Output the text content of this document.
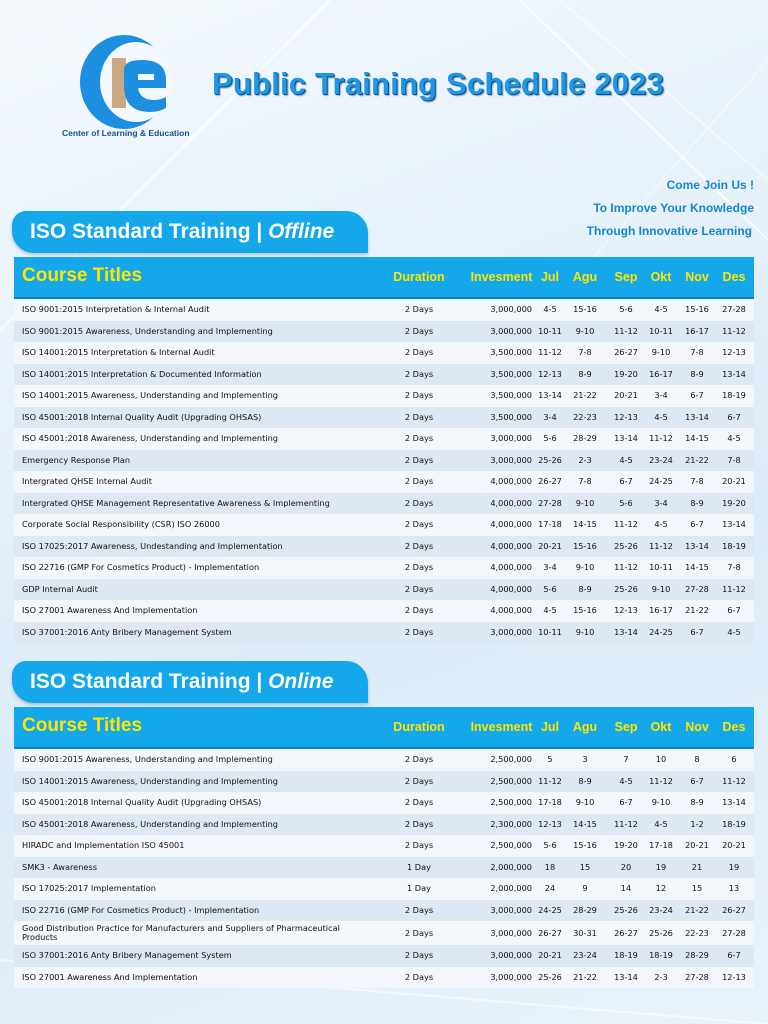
Center of Learning & Education
Public Training Schedule 2023
Come Join Us !
To Improve Your Knowledge
Through Innovative Learning
ISO Standard Training | Offline
Course Titles	Duration	Invesment Jul	Agu	Sep	Okt	Nov	Des
ISO 9001:2015 Interpretation & Internal Audit	2 Days	3,000,000	4-5	15-16	5-6	4-5	15-16	27-28
ISO 9001:2015 Awareness, Understanding and Implementing	2 Days	3,000,000 10-11	9-10	11-12	10-11	16-17	11-12
ISO 14001:2015 Interpretation & Internal Audit	2 Days	3,500,000 11-12	7-8	26-27	9-10	7-8	12-13
ISO 14001:2015 Interpretation & Documented Information	2 Days	3,500,000 12-13	8-9	19-20	16-17	8-9	13-14
ISO 14001:2015 Awareness, Understanding and Implementing	2 Days	3,500,000 13-14	21-22	20-21	3-4	6-7	18-19
ISO 45001:2018 Internal Quality Audit (Upgrading OHSAS)	2 Days	3,500,000	3-4	22-23	12-13	4-5	13-14	6-7
ISO 45001:2018 Awareness, Understanding and Implementing	2 Days	3,000,000	5-6	28-29	13-14	11-12	14-15	4-5
Emergency Response Plan	2 Days	3,000,000 25-26	2-3	4-5	23-24	21-22	7-8
Intergrated QHSE Internal Audit	2 Days	4,000,000 26-27	7-8	6-7	24-25	7-8	20-21
Intergrated QHSE Management Representative Awareness & Implementing	2 Days	4,000,000 27-28	9-10	5-6	3-4	8-9	19-20
Corporate Social Responsibility (CSR) ISO 26000	2 Days	4,000,000 17-18	14-15	11-12	4-5	6-7	13-14
ISO 17025:2017 Awareness, Undestanding and Implementation	2 Days	4,000,000 20-21	15-16	25-26	11-12	13-14	18-19
ISO 22716 (GMP For Cosmetics Product) - Implementation	2 Days	4,000,000	3-4	9-10	11-12	10-11	14-15	7-8
GDP Internal Audit	2 Days	4,000,000	5-6	8-9	25-26	9-10	27-28	11-12
ISO 27001 Awareness And Implementation	2 Days	4,000,000	4-5	15-16	12-13	16-17	21-22	6-7
ISO 37001:2016 Anty Bribery Management System	2 Days	3,000,000 10-11	9-10	13-14	24-25	6-7	4-5
ISO Standard Training | Online
Course Titles	Duration	Invesment Jul	Agu	Sep	Okt	Nov	Des
ISO 9001:2015 Awareness, Understanding and Implementing	2 Days	2,500,000	5	3	7	10	8	6
ISO 14001:2015 Awareness, Understanding and Implementing	2 Days	2,500,000 11-12	8-9	4-5	11-12	6-7	11-12
ISO 45001:2018 Internal Quality Audit (Upgrading OHSAS)	2 Days	2,500,000 17-18	9-10	6-7	9-10	8-9	13-14
ISO 45001:2018 Awareness, Understanding and Implementing	2 Days	2,300,000 12-13	14-15	11-12	4-5	1-2	18-19
HIRADC and Implementation ISO 45001	2 Days	2,500,000	5-6	15-16	19-20	17-18	20-21	20-21
SMK3 - Awareness	1 Day	2,000,000	18	15	20	19	21	19
ISO 17025:2017 Implementation	1 Day	2,000,000	24	9	14	12	15	13
ISO 22716 (GMP For Cosmetics Product) - Implementation	2 Days	3,000,000 24-25	28-29	25-26	23-24	21-22	26-27
Good Distribution Practice for Manufacturers and Suppliers of Pharmaceutical Products	2 Days	3,000,000 26-27	30-31	26-27	25-26	22-23	27-28
ISO 37001:2016 Anty Bribery Management System	2 Days	3,000,000 20-21	23-24	18-19	18-19	28-29	6-7
ISO 27001 Awareness And Implementation	2 Days	3,000,000 25-26	21-22	13-14	2-3	27-28	12-13
